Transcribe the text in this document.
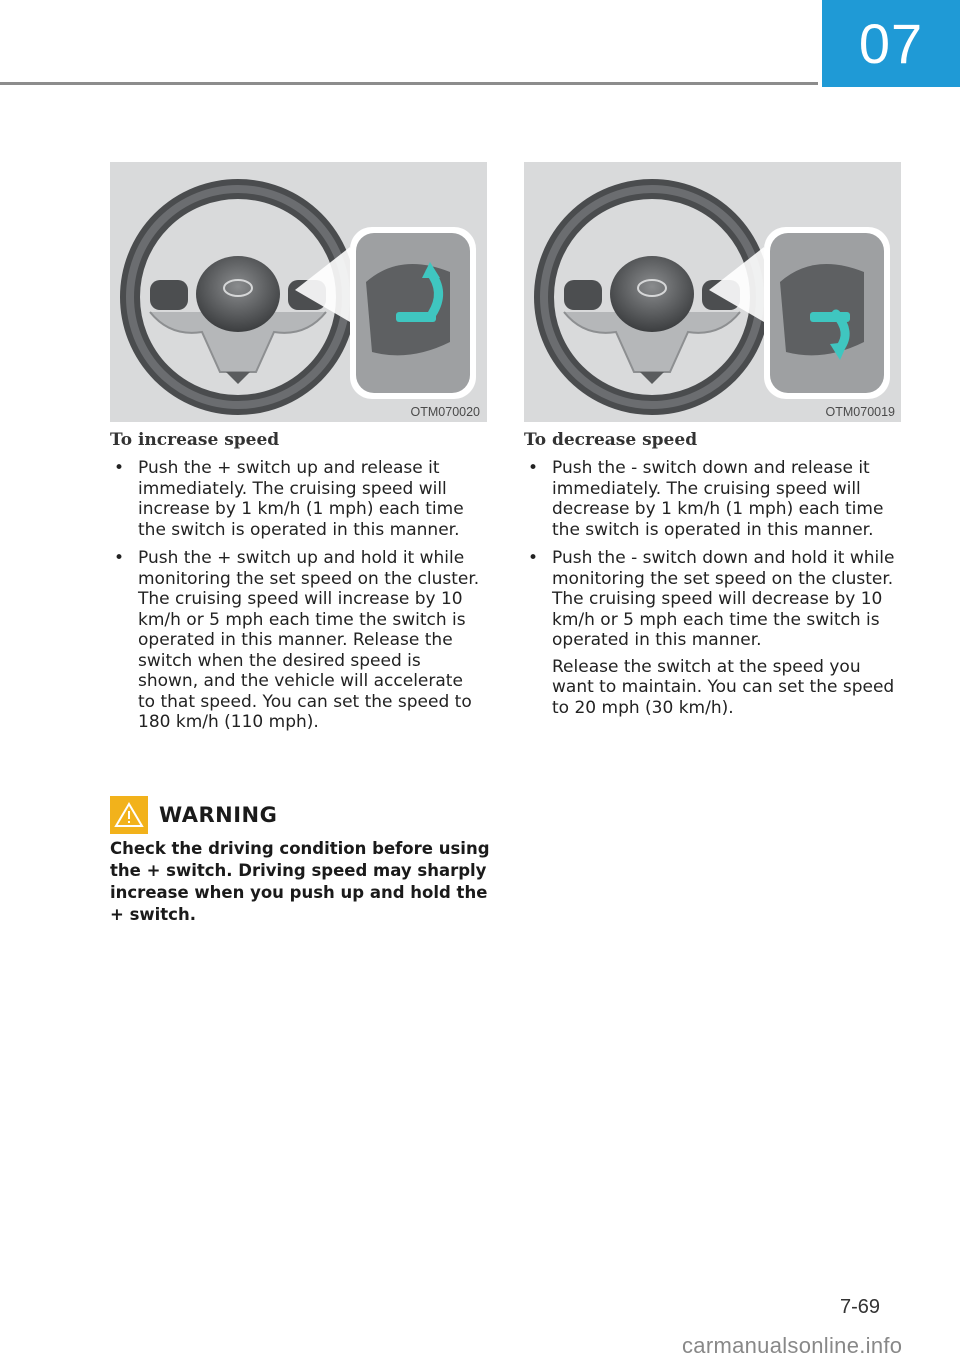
07
OTM070020	OTM070019
To increase speed
• Push the + switch up and release it immediately. The cruising speed will increase by 1 km/h (1 mph) each time the switch is operated in this manner.
• Push the + switch up and hold it while monitoring the set speed on the cluster. The cruising speed will increase by 10 km/h or 5 mph each time the switch is operated in this manner. Release the switch when the desired speed is shown, and the vehicle will accelerate to that speed. You can set the speed to 180 km/h (110 mph).
To decrease speed
• Push the - switch down and release it immediately. The cruising speed will decrease by 1 km/h (1 mph) each time the switch is operated in this manner.
• Push the - switch down and hold it while monitoring the set speed on the cluster. The cruising speed will decrease by 10 km/h or 5 mph each time the switch is operated in this manner.
Release the switch at the speed you want to maintain. You can set the speed to 20 mph (30 km/h).
WARNING
Check the driving condition before using the + switch. Driving speed may sharply increase when you push up and hold the + switch.
7-69
carmanualsonline.info
